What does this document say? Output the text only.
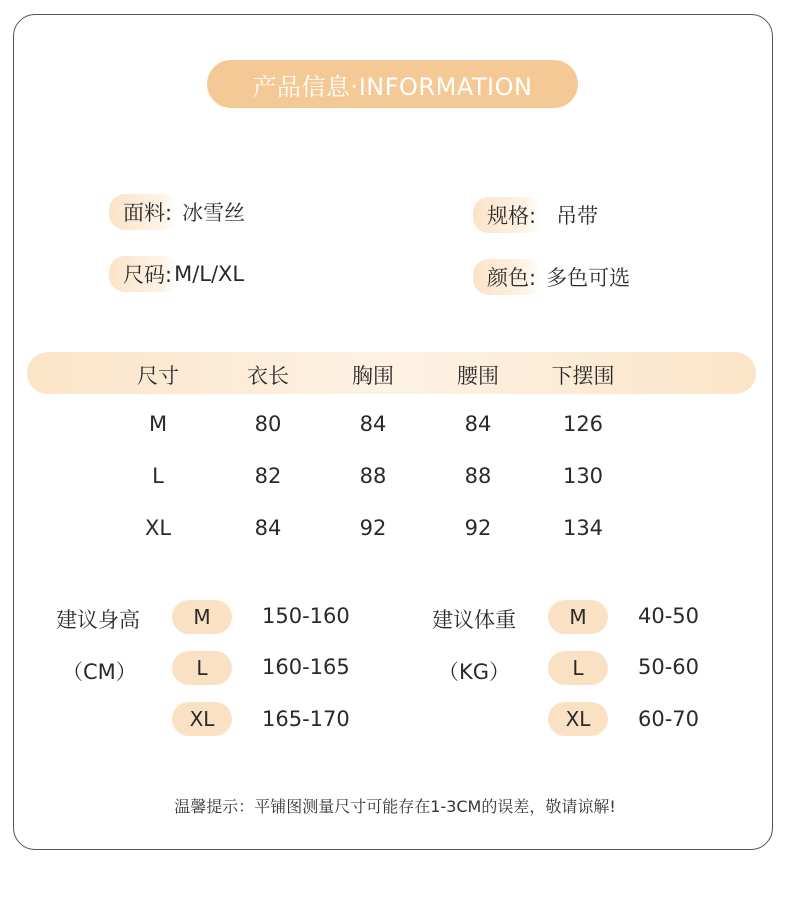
产品信息·INFORMATION
面料: 冰雪丝	规格: 吊带
尺码: M/L/XL	颜色: 多色可选
尺寸	衣长	胸围	腰围	下摆围
M	80	84	84	126
L	82	88	88	130
XL	84	92	92	134
建议身高
（CM）
M	150-160
L	160-165
XL	165-170
建议体重
（KG）
M	40-50
L	50-60
XL	60-70
温馨提示：平铺图测量尺寸可能存在1-3CM的误差，敬请谅解!
